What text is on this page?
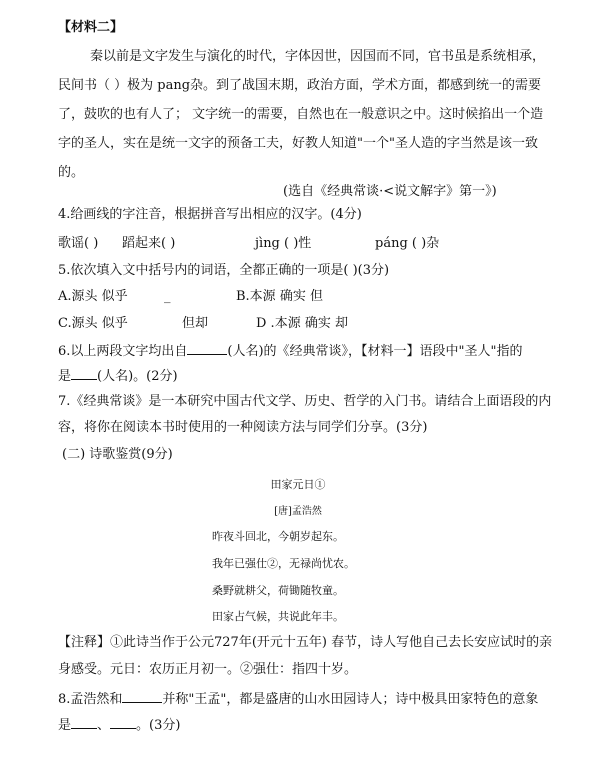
【材料二】
秦以前是文字发生与演化的时代，字体因世，因国而不同，官书虽是系统相承，
民间书（ ）极为 pang杂。到了战国末期，政治方面，学术方面，都感到统一的需要
了，鼓吹的也有人了； 文字统一的需要，自然也在一般意识之中。这时候掐出一个造
字的圣人，实在是统一文字的预备工夫，好教人知道"一个"圣人造的字当然是该一致
的。
(选自《经典常谈·<说文解字》第一》)
4.给画线的字注音，根据拼音写出相应的汉字。(4分)
歌谣( ) 蹈起来( )	jìng ( )性	páng ( )杂
5.依次填入文中括号内的词语，全都正确的一项是( )(3分)
A.源头 似乎	_	B.本源 确实 但
C.源头 似乎	但却	D .本源 确实 却
6.以上两段文字均出自	(人名)的《经典常谈》，【材料一】语段中"圣人"指的
是 (人名)。(2分)
7.《经典常谈》是一本研究中国古代文学、历史、哲学的入门书。请结合上面语段的内
容，将你在阅读本书时使用的一种阅读方法与同学们分享。(3分)
(二) 诗歌鉴赏(9分)
田家元日①
[唐]孟浩然
昨夜斗回北，今朝岁起东。
我年已强仕②，无禄尚忧农。
桑野就耕父，荷锄随牧童。
田家占气候，共说此年丰。
【注释】①此诗当作于公元727年(开元十五年) 春节，诗人写他自己去长安应试时的亲
身感受。元日：农历正月初一。②强仕：指四十岁。
8.孟浩然和	并称"王孟"，都是盛唐的山水田园诗人；诗中极具田家特色的意象
是 、 。(3分)
